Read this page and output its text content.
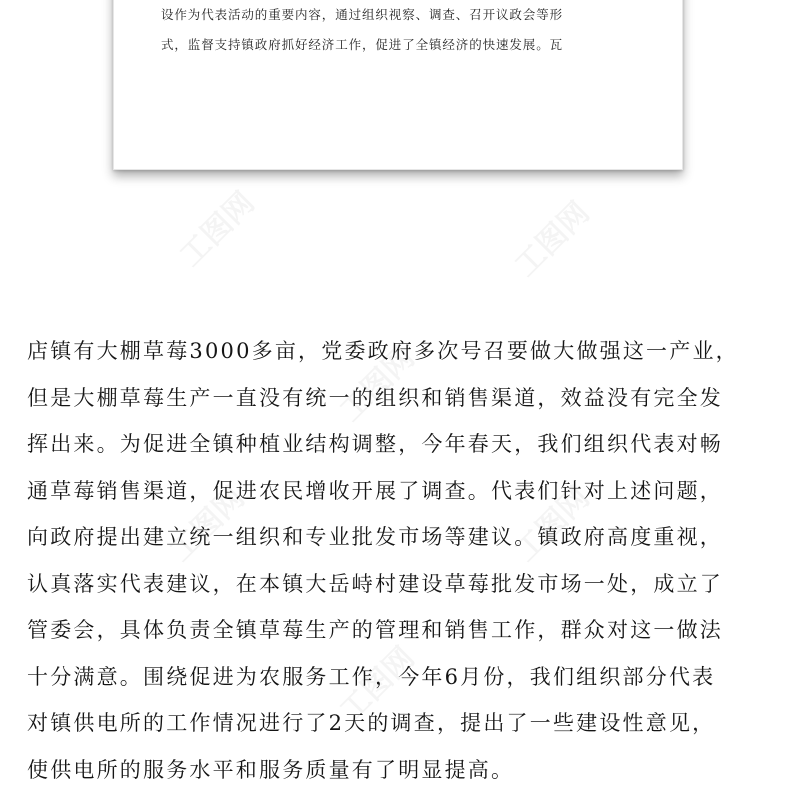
设作为代表活动的重要内容，通过组织视察、调查、召开议政会等形
式，监督支持镇政府抓好经济工作，促进了全镇经济的快速发展。瓦
店镇有大棚草莓3000多亩，党委政府多次号召要做大做强这一产业，
但是大棚草莓生产一直没有统一的组织和销售渠道，效益没有完全发
挥出来。为促进全镇种植业结构调整，今年春天，我们组织代表对畅
通草莓销售渠道，促进农民增收开展了调查。代表们针对上述问题，
向政府提出建立统一组织和专业批发市场等建议。镇政府高度重视，
认真落实代表建议，在本镇大岳峙村建设草莓批发市场一处，成立了
管委会，具体负责全镇草莓生产的管理和销售工作，群众对这一做法
十分满意。围绕促进为农服务工作，今年6月份，我们组织部分代表
对镇供电所的工作情况进行了2天的调查，提出了一些建设性意见，
使供电所的服务水平和服务质量有了明显提高。
